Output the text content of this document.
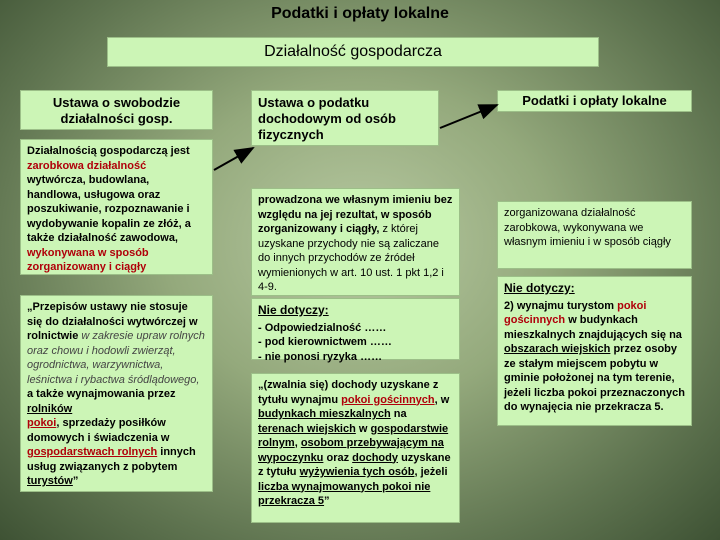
Podatki i opłaty lokalne
Działalność gospodarcza
Ustawa o swobodzie działalności gosp.
Działalnością gospodarczą jest zarobkowa działalność wytwórcza, budowlana, handlowa, usługowa oraz poszukiwanie, rozpoznawanie i wydobywanie kopalin ze złóż, a także działalność zawodowa, wykonywana w sposób zorganizowany i ciągły
„Przepisów ustawy nie stosuje się do działalności wytwórczej w rolnictwie w zakresie upraw rolnych oraz chowu i hodowli zwierząt, ogrodnictwa, warzywnictwa, leśnictwa i rybactwa śródlądowego, a także wynajmowania przez rolników
pokoi, sprzedaży posiłków domowych i świadczenia w gospodarstwach rolnych innych usług związanych z pobytem turystów”
Ustawa o podatku dochodowym od osób fizycznych
prowadzona we własnym imieniu bez względu na jej rezultat, w sposób zorganizowany i ciągły, z której uzyskane przychody nie są zaliczane do innych przychodów ze źródeł wymienionych w art. 10 ust. 1 pkt 1,2 i 4-9.
Nie dotyczy:
- Odpowiedzialność ……
- pod kierownictwem ……
- nie ponosi ryzyka ……
„(zwalnia się) dochody uzyskane z tytułu wynajmu pokoi gościnnych, w budynkach mieszkalnych na terenach wiejskich w gospodarstwie rolnym, osobom przebywającym na wypoczynku oraz dochody uzyskane z tytułu wyżywienia tych osób, jeżeli liczba wynajmowanych pokoi nie przekracza 5”
Podatki i opłaty lokalne
zorganizowana działalność zarobkowa, wykonywana we własnym imieniu i w sposób ciągły
Nie dotyczy:
2) wynajmu turystom pokoi gościnnych w budynkach mieszkalnych znajdujących się na obszarach wiejskich przez osoby ze stałym miejscem pobytu w gminie położonej na tym terenie, jeżeli liczba pokoi przeznaczonych do wynajęcia nie przekracza 5.
